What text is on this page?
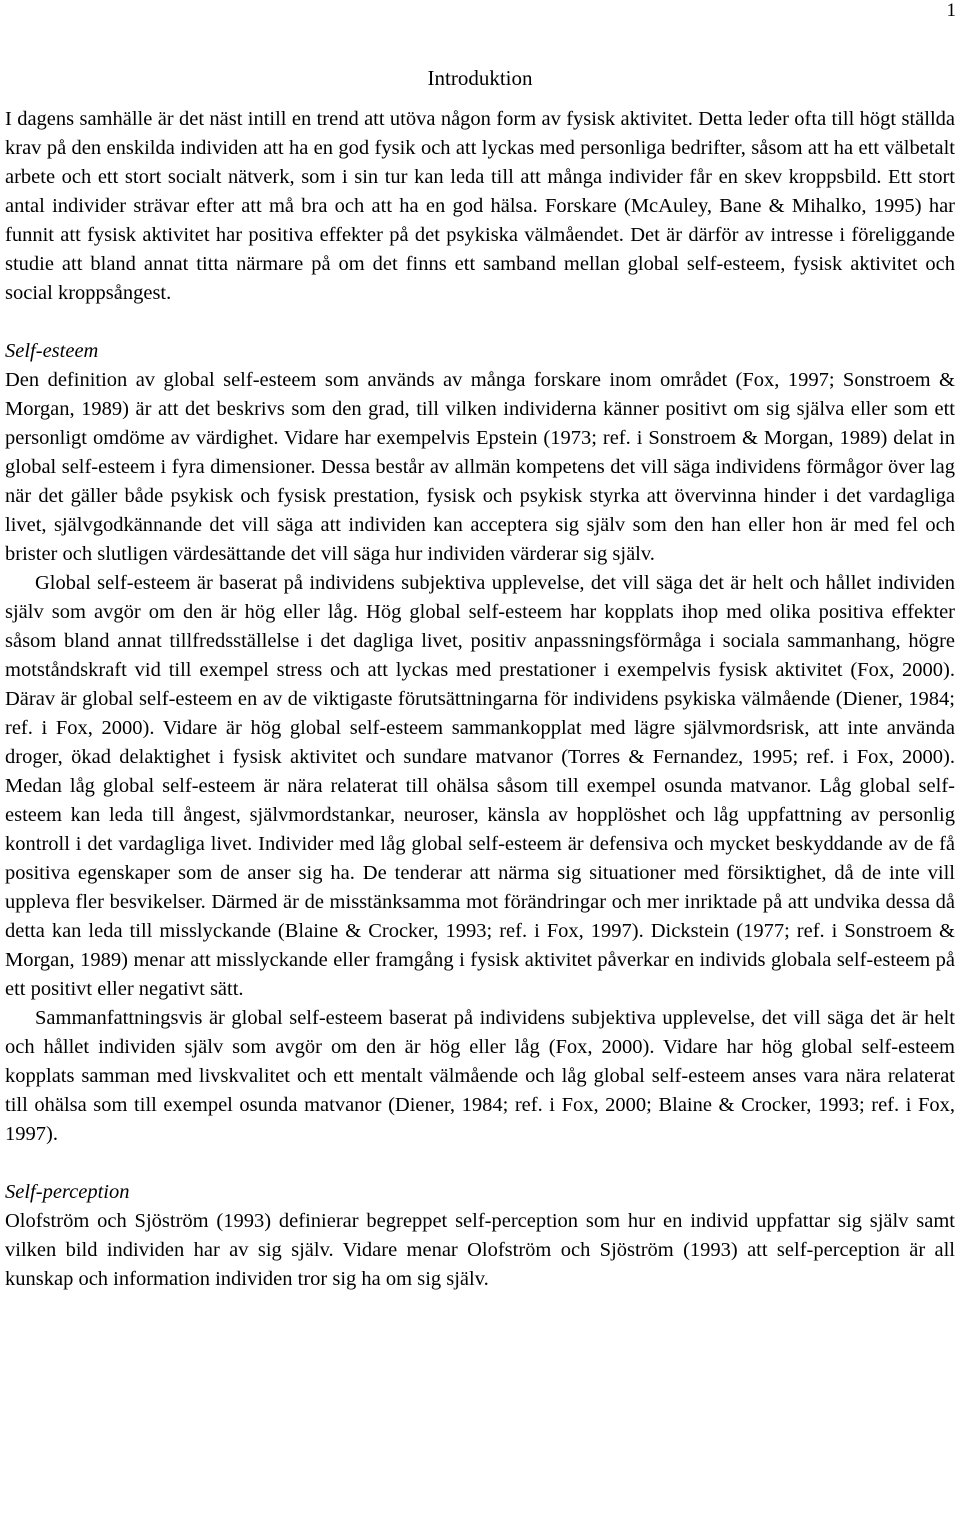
1
Introduktion

I dagens samhälle är det näst intill en trend att utöva någon form av fysisk aktivitet. Detta leder ofta till högt ställda krav på den enskilda individen att ha en god fysik och att lyckas med personliga bedrifter, såsom att ha ett välbetalt arbete och ett stort socialt nätverk, som i sin tur kan leda till att många individer får en skev kroppsbild. Ett stort antal individer strävar efter att må bra och att ha en god hälsa. Forskare (McAuley, Bane & Mihalko, 1995) har funnit att fysisk aktivitet har positiva effekter på det psykiska välmåendet. Det är därför av intresse i föreliggande studie att bland annat titta närmare på om det finns ett samband mellan global self-esteem, fysisk aktivitet och social kroppsångest.

Self-esteem

Den definition av global self-esteem som används av många forskare inom området (Fox, 1997; Sonstroem & Morgan, 1989) är att det beskrivs som den grad, till vilken individerna känner positivt om sig själva eller som ett personligt omdöme av värdighet. Vidare har exempelvis Epstein (1973; ref. i Sonstroem & Morgan, 1989) delat in global self-esteem i fyra dimensioner. Dessa består av allmän kompetens det vill säga individens förmågor över lag när det gäller både psykisk och fysisk prestation, fysisk och psykisk styrka att övervinna hinder i det vardagliga livet, självgodkännande det vill säga att individen kan acceptera sig själv som den han eller hon är med fel och brister och slutligen värdesättande det vill säga hur individen värderar sig själv.

Global self-esteem är baserat på individens subjektiva upplevelse, det vill säga det är helt och hållet individen själv som avgör om den är hög eller låg. Hög global self-esteem har kopplats ihop med olika positiva effekter såsom bland annat tillfredsställelse i det dagliga livet, positiv anpassningsförmåga i sociala sammanhang, högre motståndskraft vid till exempel stress och att lyckas med prestationer i exempelvis fysisk aktivitet (Fox, 2000). Därav är global self-esteem en av de viktigaste förutsättningarna för individens psykiska välmående (Diener, 1984; ref. i Fox, 2000). Vidare är hög global self-esteem sammankopplat med lägre självmordsrisk, att inte använda droger, ökad delaktighet i fysisk aktivitet och sundare matvanor (Torres & Fernandez, 1995; ref. i Fox, 2000). Medan låg global self-esteem är nära relaterat till ohälsa såsom till exempel osunda matvanor. Låg global self-esteem kan leda till ångest, självmordstankar, neuroser, känsla av hopplöshet och låg uppfattning av personlig kontroll i det vardagliga livet. Individer med låg global self-esteem är defensiva och mycket beskyddande av de få positiva egenskaper som de anser sig ha. De tenderar att närma sig situationer med försiktighet, då de inte vill uppleva fler besvikelser. Därmed är de misstänksamma mot förändringar och mer inriktade på att undvika dessa då detta kan leda till misslyckande (Blaine & Crocker, 1993; ref. i Fox, 1997). Dickstein (1977; ref. i Sonstroem & Morgan, 1989) menar att misslyckande eller framgång i fysisk aktivitet påverkar en individs globala self-esteem på ett positivt eller negativt sätt.

Sammanfattningsvis är global self-esteem baserat på individens subjektiva upplevelse, det vill säga det är helt och hållet individen själv som avgör om den är hög eller låg (Fox, 2000). Vidare har hög global self-esteem kopplats samman med livskvalitet och ett mentalt välmående och låg global self-esteem anses vara nära relaterat till ohälsa som till exempel osunda matvanor (Diener, 1984; ref. i Fox, 2000; Blaine & Crocker, 1993; ref. i Fox, 1997).

Self-perception

Olofström och Sjöström (1993) definierar begreppet self-perception som hur en individ uppfattar sig själv samt vilken bild individen har av sig själv. Vidare menar Olofström och Sjöström (1993) att self-perception är all kunskap och information individen tror sig ha om sig själv.
